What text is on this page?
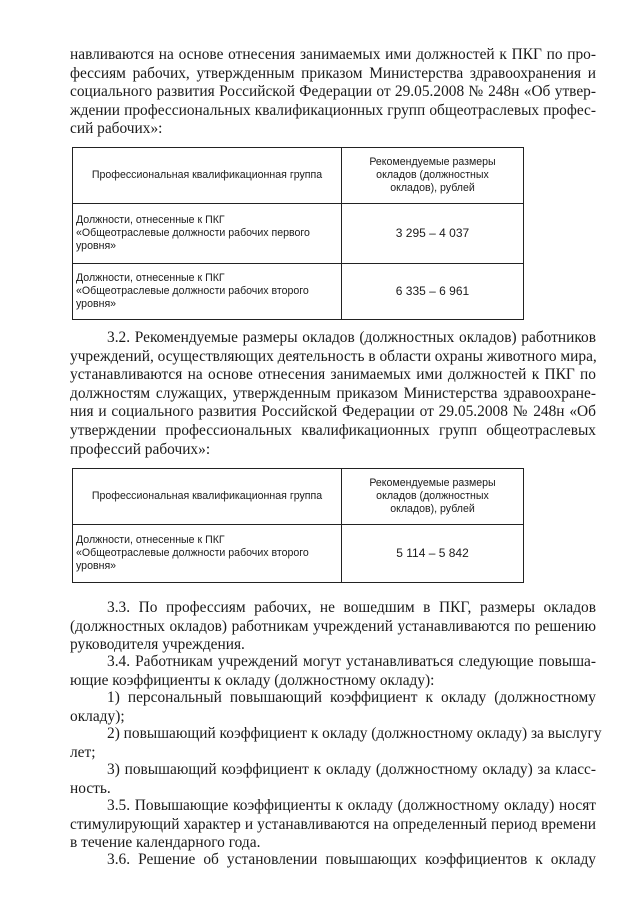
навливаются на основе отнесения занимаемых ими должностей к ПКГ по про-
фессиям рабочих, утвержденным приказом Министерства здравоохранения и
социального развития Российской Федерации от 29.05.2008 № 248н «Об утвер-
ждении профессиональных квалификационных групп общеотраслевых профес-
сий рабочих»:
Профессиональная квалификационная группа	Рекомендуемые размеры
окладов (должностных
окладов), рублей

Должности, отнесенные к ПКГ
«Общеотраслевые должности рабочих первого
уровня»	3 295 – 4 037

Должности, отнесенные к ПКГ
«Общеотраслевые должности рабочих второго
уровня»	6 335 – 6 961
3.2. Рекомендуемые размеры окладов (должностных окладов) работников
учреждений, осуществляющих деятельность в области охраны животного мира,
устанавливаются на основе отнесения занимаемых ими должностей к ПКГ по
должностям служащих, утвержденным приказом Министерства здравоохране-
ния и социального развития Российской Федерации от 29.05.2008 № 248н «Об
утверждении профессиональных квалификационных групп общеотраслевых
профессий рабочих»:
Профессиональная квалификационная группа	Рекомендуемые размеры
окладов (должностных
окладов), рублей

Должности, отнесенные к ПКГ
«Общеотраслевые должности рабочих второго
уровня»	5 114 – 5 842
3.3. По профессиям рабочих, не вошедшим в ПКГ, размеры окладов
(должностных окладов) работникам учреждений устанавливаются по решению
руководителя учреждения.
3.4. Работникам учреждений могут устанавливаться следующие повыша-
ющие коэффициенты к окладу (должностному окладу):
1) персональный повышающий коэффициент к окладу (должностному
окладу);
2) повышающий коэффициент к окладу (должностному окладу) за выслугу
лет;
3) повышающий коэффициент к окладу (должностному окладу) за класс-
ность.
3.5. Повышающие коэффициенты к окладу (должностному окладу) носят
стимулирующий характер и устанавливаются на определенный период времени
в течение календарного года.
3.6. Решение об установлении повышающих коэффициентов к окладу
